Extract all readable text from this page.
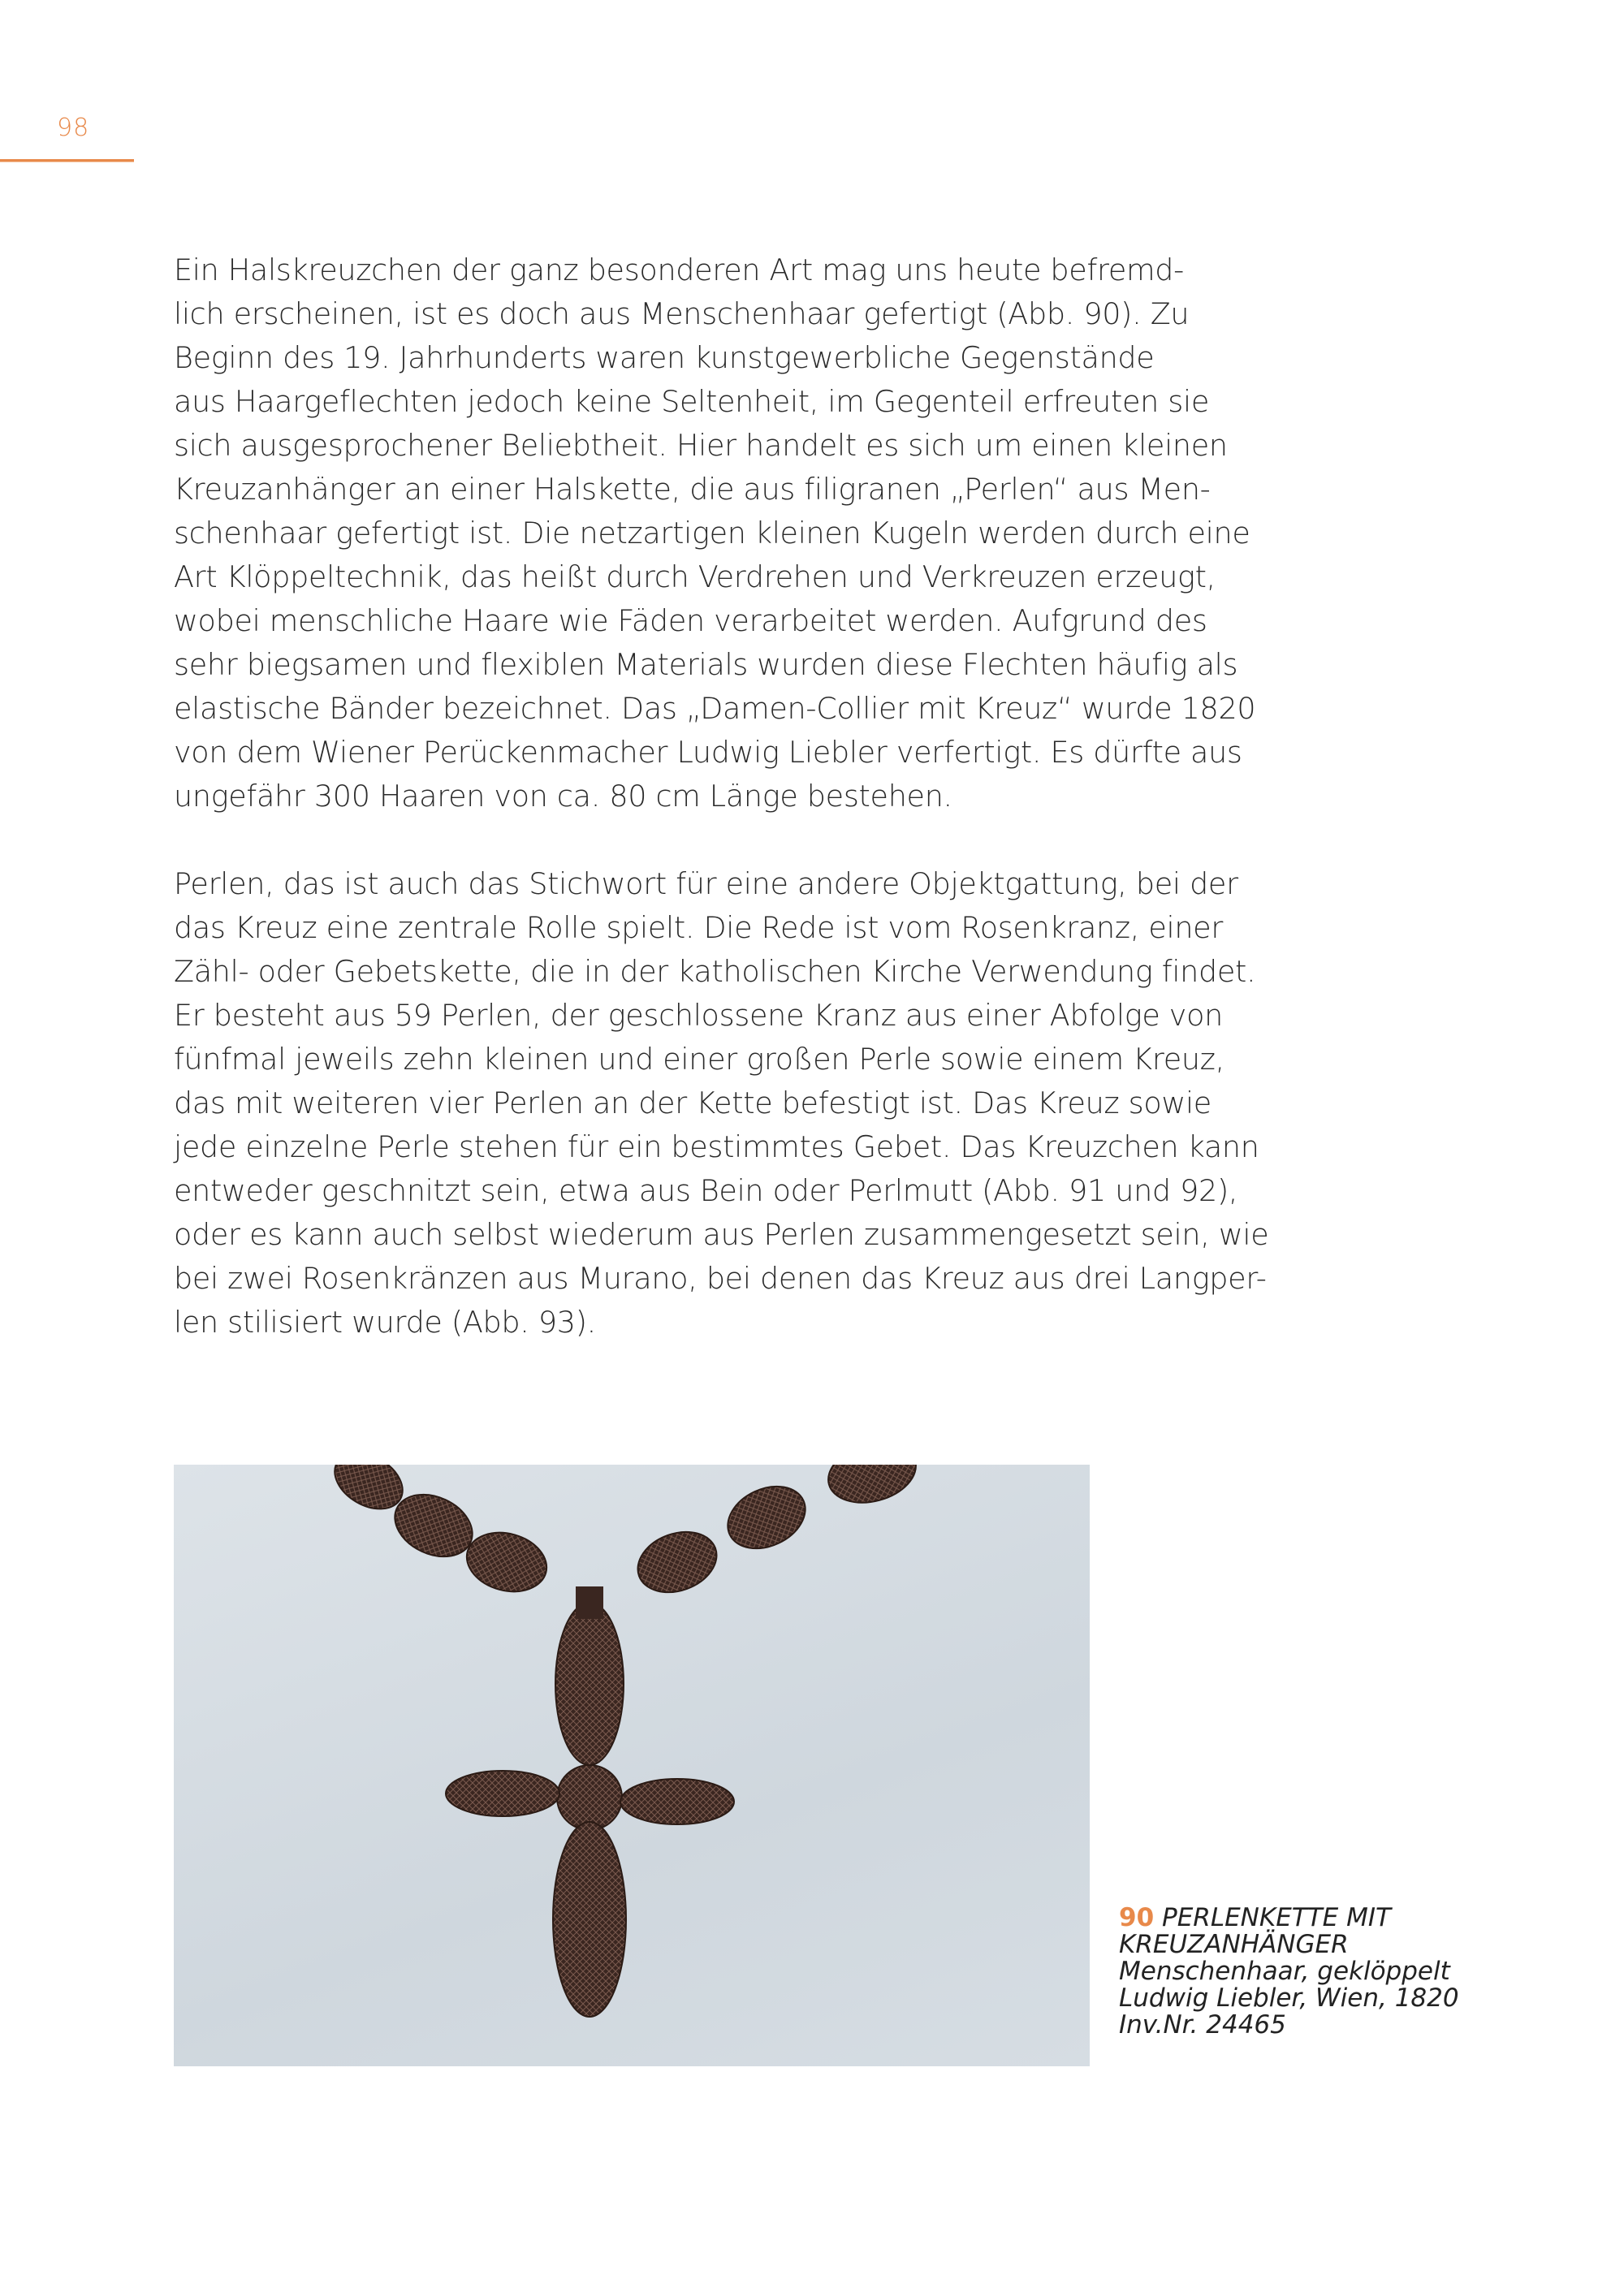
98
Ein Halskreuzchen der ganz besonderen Art mag uns heute befremd-
lich erscheinen, ist es doch aus Menschenhaar gefertigt (Abb. 90). Zu
Beginn des 19. Jahrhunderts waren kunstgewerbliche Gegenstände
aus Haargeflechten jedoch keine Seltenheit, im Gegenteil erfreuten sie
sich ausgesprochener Beliebtheit. Hier handelt es sich um einen kleinen
Kreuzanhänger an einer Halskette, die aus filigranen „Perlen“ aus Men-
schenhaar gefertigt ist. Die netzartigen kleinen Kugeln werden durch eine
Art Klöppeltechnik, das heißt durch Verdrehen und Verkreuzen erzeugt,
wobei menschliche Haare wie Fäden verarbeitet werden. Aufgrund des
sehr biegsamen und flexiblen Materials wurden diese Flechten häufig als
elastische Bänder bezeichnet. Das „Damen-Collier mit Kreuz“ wurde 1820
von dem Wiener Perückenmacher Ludwig Liebler verfertigt. Es dürfte aus
ungefähr 300 Haaren von ca. 80 cm Länge bestehen.
Perlen, das ist auch das Stichwort für eine andere Objektgattung, bei der
das Kreuz eine zentrale Rolle spielt. Die Rede ist vom Rosenkranz, einer
Zähl- oder Gebetskette, die in der katholischen Kirche Verwendung findet.
Er besteht aus 59 Perlen, der geschlossene Kranz aus einer Abfolge von
fünfmal jeweils zehn kleinen und einer großen Perle sowie einem Kreuz,
das mit weiteren vier Perlen an der Kette befestigt ist. Das Kreuz sowie
jede einzelne Perle stehen für ein bestimmtes Gebet. Das Kreuzchen kann
entweder geschnitzt sein, etwa aus Bein oder Perlmutt (Abb. 91 und 92),
oder es kann auch selbst wiederum aus Perlen zusammengesetzt sein, wie
bei zwei Rosenkränzen aus Murano, bei denen das Kreuz aus drei Langper-
len stilisiert wurde (Abb. 93).
90 PERLENKETTE MIT
KREUZANHÄNGER
Menschenhaar, geklöppelt
Ludwig Liebler, Wien, 1820
Inv.Nr. 24465
